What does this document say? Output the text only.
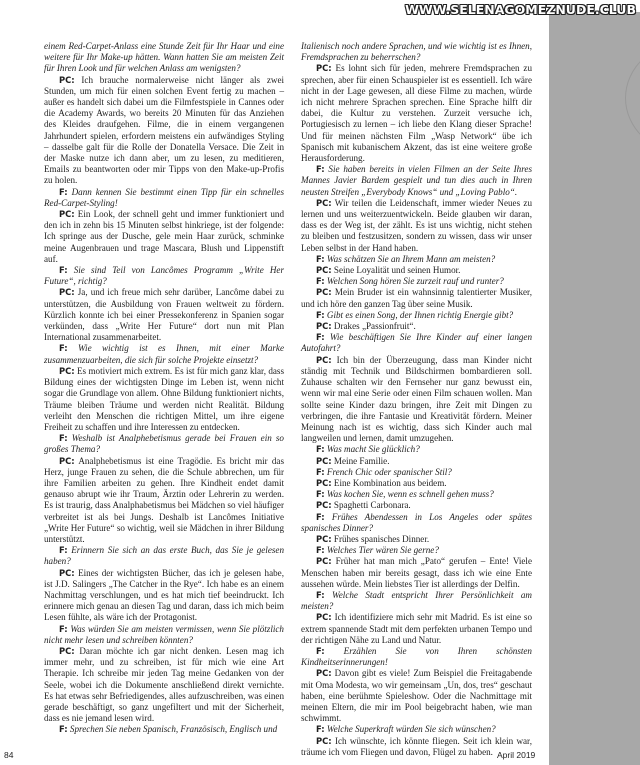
WWW.SELENAGOMEZNUDE.CLUB

einem Red-Carpet-Anlass eine Stunde Zeit für Ihr Haar und eine weitere für Ihr Make-up hätten. Wann hatten Sie am meisten Zeit für Ihren Look und für welchen Anlass am wenigsten?

PC: Ich brauche normalerweise nicht länger als zwei Stunden, um mich für einen solchen Event fertig zu machen – außer es handelt sich dabei um die Filmfestspiele in Cannes oder die Academy Awards, wo bereits 20 Minuten für das Anziehen des Kleides draufgehen. Filme, die in einem vergangenen Jahrhundert spielen, erfordern meistens ein aufwändiges Styling – dasselbe galt für die Rolle der Donatella Versace. Die Zeit in der Maske nutze ich dann aber, um zu lesen, zu meditieren, Emails zu beantworten oder mir Tipps von den Make-up-Profis zu holen.

F: Dann kennen Sie bestimmt einen Tipp für ein schnelles Red-Carpet-Styling!

PC: Ein Look, der schnell geht und immer funktioniert und den ich in zehn bis 15 Minuten selbst hinkriege, ist der folgende: Ich springe aus der Dusche, gele mein Haar zurück, schminke meine Augenbrauen und trage Mascara, Blush und Lippenstift auf.

F: Sie sind Teil von Lancômes Programm „Write Her Future“, richtig?

PC: Ja, und ich freue mich sehr darüber, Lancôme dabei zu unterstützen, die Ausbildung von Frauen weltweit zu fördern. Kürzlich konnte ich bei einer Pressekonferenz in Spanien sogar verkünden, dass „Write Her Future“ dort nun mit Plan International zusammenarbeitet.

F: Wie wichtig ist es Ihnen, mit einer Marke zusammenzuarbeiten, die sich für solche Projekte einsetzt?

PC: Es motiviert mich extrem. Es ist für mich ganz klar, dass Bildung eines der wichtigsten Dinge im Leben ist, wenn nicht sogar die Grundlage von allem. Ohne Bildung funktioniert nichts, Träume bleiben Träume und werden nicht Realität. Bildung verleiht den Menschen die richtigen Mittel, um ihre eigene Freiheit zu schaffen und ihre Interessen zu entdecken.

F: Weshalb ist Analphebetismus gerade bei Frauen ein so großes Thema?

PC: Analphebetismus ist eine Tragödie. Es bricht mir das Herz, junge Frauen zu sehen, die die Schule abbrechen, um für ihre Familien arbeiten zu gehen. Ihre Kindheit endet damit genauso abrupt wie ihr Traum, Ärztin oder Lehrerin zu werden. Es ist traurig, dass Analphabetismus bei Mädchen so viel häufiger verbreitet ist als bei Jungs. Deshalb ist Lancômes Initiative „Write Her Future“ so wichtig, weil sie Mädchen in ihrer Bildung unterstützt.

F: Erinnern Sie sich an das erste Buch, das Sie je gelesen haben?

PC: Eines der wichtigsten Bücher, das ich je gelesen habe, ist J.D. Salingers „The Catcher in the Rye“. Ich habe es an einem Nachmittag verschlungen, und es hat mich tief beeindruckt. Ich erinnere mich genau an diesen Tag und daran, dass ich mich beim Lesen fühlte, als wäre ich der Protagonist.

F: Was würden Sie am meisten vermissen, wenn Sie plötzlich nicht mehr lesen und schreiben könnten?

PC: Daran möchte ich gar nicht denken. Lesen mag ich immer mehr, und zu schreiben, ist für mich wie eine Art Therapie. Ich schreibe mir jeden Tag meine Gedanken von der Seele, wobei ich die Dokumente anschließend direkt vernichte. Es hat etwas sehr Befriedigendes, alles aufzuschreiben, was einen gerade beschäftigt, so ganz ungefiltert und mit der Sicherheit, dass es nie jemand lesen wird.

F: Sprechen Sie neben Spanisch, Französisch, Englisch und

Italienisch noch andere Sprachen, und wie wichtig ist es Ihnen, Fremdsprachen zu beherrschen?

PC: Es lohnt sich für jeden, mehrere Fremdsprachen zu sprechen, aber für einen Schauspieler ist es essentiell. Ich wäre nicht in der Lage gewesen, all diese Filme zu machen, würde ich nicht mehrere Sprachen sprechen. Eine Sprache hilft dir dabei, die Kultur zu verstehen. Zurzeit versuche ich, Portugiesisch zu lernen – ich liebe den Klang dieser Sprache! Und für meinen nächsten Film „Wasp Network“ übe ich Spanisch mit kubanischem Akzent, das ist eine weitere große Herausforderung.

F: Sie haben bereits in vielen Filmen an der Seite Ihres Mannes Javier Bardem gespielt und tun dies auch in Ihren neusten Streifen „Everybody Knows“ und „Loving Pablo“.

PC: Wir teilen die Leidenschaft, immer wieder Neues zu lernen und uns weiterzuentwickeln. Beide glauben wir daran, dass es der Weg ist, der zählt. Es ist uns wichtig, nicht stehen zu bleiben und festzusitzen, sondern zu wissen, dass wir unser Leben selbst in der Hand haben.

F: Was schätzen Sie an Ihrem Mann am meisten?

PC: Seine Loyalität und seinen Humor.

F: Welchen Song hören Sie zurzeit rauf und runter?

PC: Mein Bruder ist ein wahnsinnig talentierter Musiker, und ich höre den ganzen Tag über seine Musik.

F: Gibt es einen Song, der Ihnen richtig Energie gibt?

PC: Drakes „Passionfruit“.

F: Wie beschäftigen Sie Ihre Kinder auf einer langen Autofahrt?

PC: Ich bin der Überzeugung, dass man Kinder nicht ständig mit Technik und Bildschirmen bombardieren soll. Zuhause schalten wir den Fernseher nur ganz bewusst ein, wenn wir mal eine Serie oder einen Film schauen wollen. Man sollte seine Kinder dazu bringen, ihre Zeit mit Dingen zu verbringen, die ihre Fantasie und Kreativität fördern. Meiner Meinung nach ist es wichtig, dass sich Kinder auch mal langweilen und lernen, damit umzugehen.

F: Was macht Sie glücklich?

PC: Meine Familie.

F: French Chic oder spanischer Stil?

PC: Eine Kombination aus beidem.

F: Was kochen Sie, wenn es schnell gehen muss?

PC: Spaghetti Carbonara.

F: Frühes Abendessen in Los Angeles oder spätes spanisches Dinner?

PC: Frühes spanisches Dinner.

F: Welches Tier wären Sie gerne?

PC: Früher hat man mich „Pato“ gerufen – Ente! Viele Menschen haben mir bereits gesagt, dass ich wie eine Ente aussehen würde. Mein liebstes Tier ist allerdings der Delfin.

F: Welche Stadt entspricht Ihrer Persönlichkeit am meisten?

PC: Ich identifiziere mich sehr mit Madrid. Es ist eine so extrem spannende Stadt mit dem perfekten urbanen Tempo und der richtigen Nähe zu Land und Natur.

F: Erzählen Sie von Ihren schönsten Kindheitserinnerungen!

PC: Davon gibt es viele! Zum Beispiel die Freitagabende mit Oma Modesta, wo wir gemeinsam „Un, dos, tres“ geschaut haben, eine berühmte Spieleshow. Oder die Nachmittage mit meinen Eltern, die mir im Pool beigebracht haben, wie man schwimmt.

F: Welche Superkraft würden Sie sich wünschen?

PC: Ich wünschte, ich könnte fliegen. Seit ich klein war, träume ich vom Fliegen und davon, Flügel zu haben.

84	April 2019
